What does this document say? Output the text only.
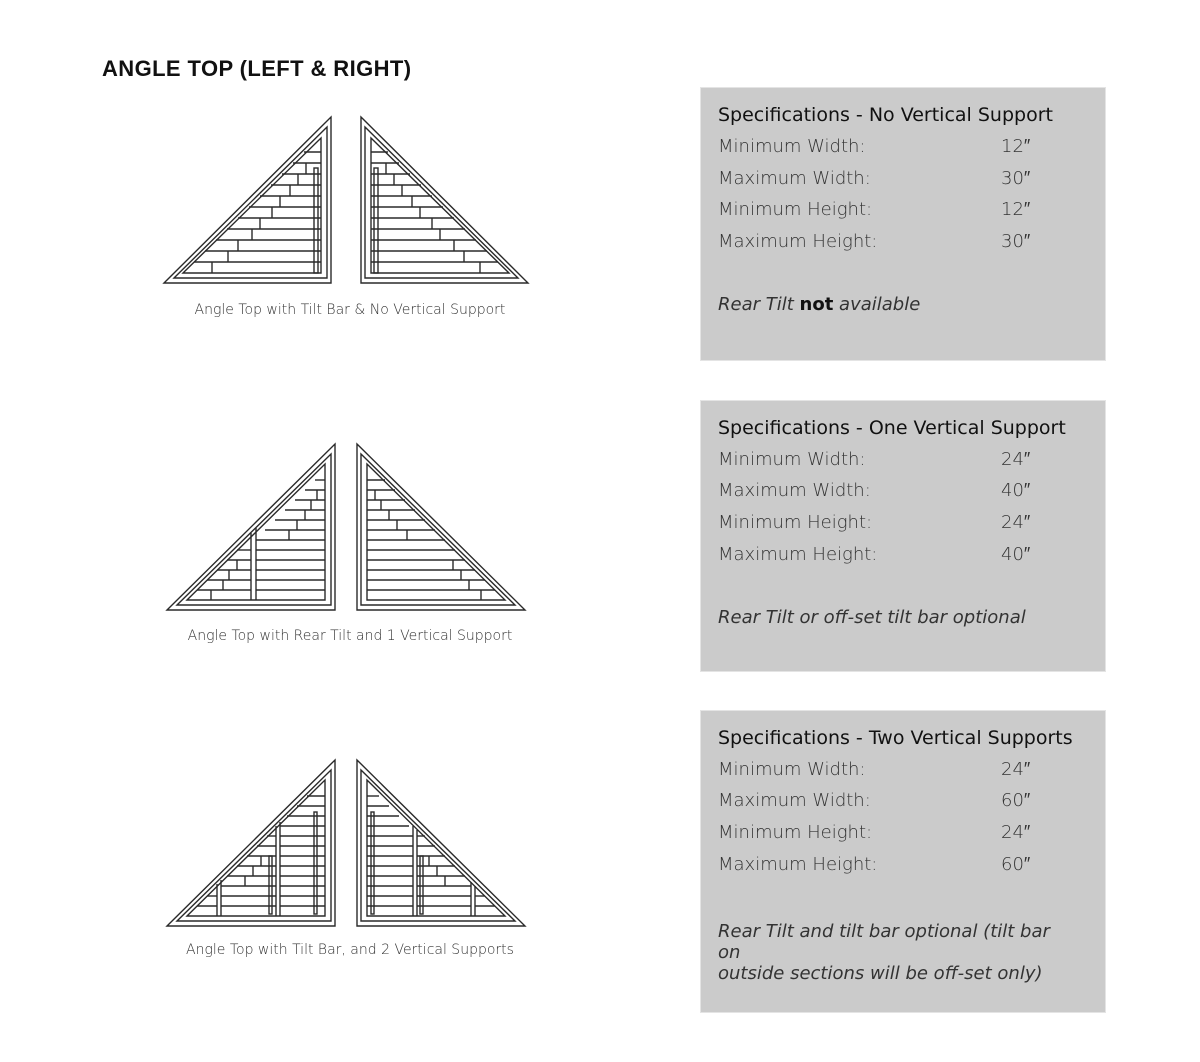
ANGLE TOP (LEFT & RIGHT)
Angle Top with Tilt Bar & No Vertical Support
Specifications - No Vertical Support
Minimum Width:	12″
Maximum Width:	30″
Minimum Height:	12″
Maximum Height:	30″
Rear Tilt not available
Angle Top with Rear Tilt and 1 Vertical Support
Specifications - One Vertical Support
Minimum Width:	24″
Maximum Width:	40″
Minimum Height:	24″
Maximum Height:	40″
Rear Tilt or off-set tilt bar optional
Angle Top with Tilt Bar, and 2 Vertical Supports
Specifications - Two Vertical Supports
Minimum Width:	24″
Maximum Width:	60″
Minimum Height:	24″
Maximum Height:	60″
Rear Tilt and tilt bar optional (tilt bar on
outside sections will be off-set only)
